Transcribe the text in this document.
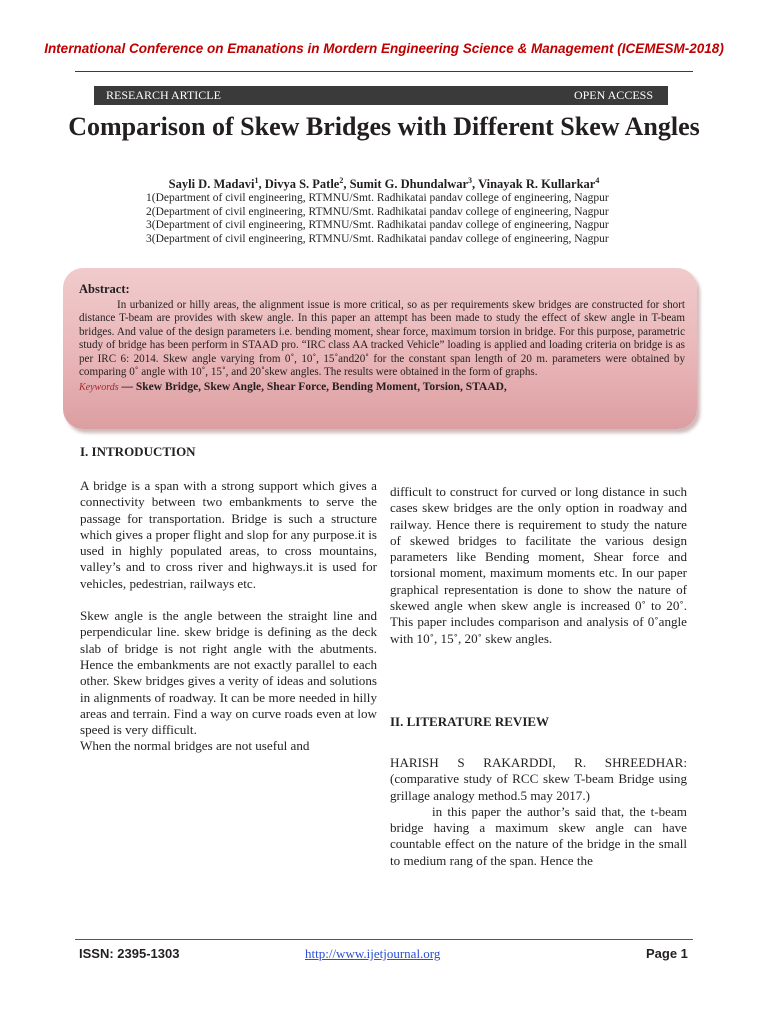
International Conference on Emanations in Mordern Engineering Science & Management (ICEMESM-2018)
RESEARCH ARTICLE	OPEN ACCESS
Comparison of Skew Bridges with Different Skew Angles
Sayli D. Madavi$^1$, Divya S. Patle$^2$, Sumit G. Dhundalwar$^3$, Vinayak R. Kullarkar$^4$
1(Department of civil engineering, RTMNU/Smt. Radhikatai pandav college of engineering, Nagpur
2(Department of civil engineering, RTMNU/Smt. Radhikatai pandav college of engineering, Nagpur
3(Department of civil engineering, RTMNU/Smt. Radhikatai pandav college of engineering, Nagpur
3(Department of civil engineering, RTMNU/Smt. Radhikatai pandav college of engineering, Nagpur
Abstract:
In urbanized or hilly areas, the alignment issue is more critical, so as per requirements skew bridges are constructed for short distance T-beam are provides with skew angle. In this paper an attempt has been made to study the effect of skew angle in T-beam bridges. And value of the design parameters i.e. bending moment, shear force, maximum torsion in bridge. For this purpose, parametric study of bridge has been perform in STAAD pro. “IRC class AA tracked Vehicle” loading is applied and loading criteria on bridge is as per IRC 6: 2014. Skew angle varying from 0˚, 10˚, 15˚and20˚ for the constant span length of 20 m. parameters were obtained by comparing 0˚ angle with 10˚, 15˚, and 20˚skew angles. The results were obtained in the form of graphs.
Keywords — Skew Bridge, Skew Angle, Shear Force, Bending Moment, Torsion, STAAD,
I. INTRODUCTION

A bridge is a span with a strong support which gives a connectivity between two embankments to serve the passage for transportation. Bridge is such a structure which gives a proper flight and slop for any purpose.it is used in highly populated areas, to cross mountains, valley’s and to cross river and highways.it is used for vehicles, pedestrian, railways etc.

Skew angle is the angle between the straight line and perpendicular line. skew bridge is defining as the deck slab of bridge is not right angle with the abutments. Hence the embankments are not exactly parallel to each other. Skew bridges gives a verity of ideas and solutions in alignments of roadway. It can be more needed in hilly areas and terrain. Find a way on curve roads even at low speed is very difficult.

When the normal bridges are not useful and

difficult to construct for curved or long distance in such cases skew bridges are the only option in roadway and railway. Hence there is requirement to study the nature of skewed bridges to facilitate the various design parameters like Bending moment, Shear force and torsional moment, maximum moments etc. In our paper graphical representation is done to show the nature of skewed angle when skew angle is increased 0˚ to 20˚. This paper includes comparison and analysis of 0˚angle with 10˚, 15˚, 20˚ skew angles.

II. LITERATURE REVIEW

HARISH S RAKARDDI, R. SHREEDHAR: (comparative study of RCC skew T-beam Bridge using grillage analogy method.5 may 2017.)

in this paper the author’s said that, the t-beam bridge having a maximum skew angle can have countable effect on the nature of the bridge in the small to medium rang of the span. Hence the

ISSN: 2395-1303	http://www.ijetjournal.org	Page 1
